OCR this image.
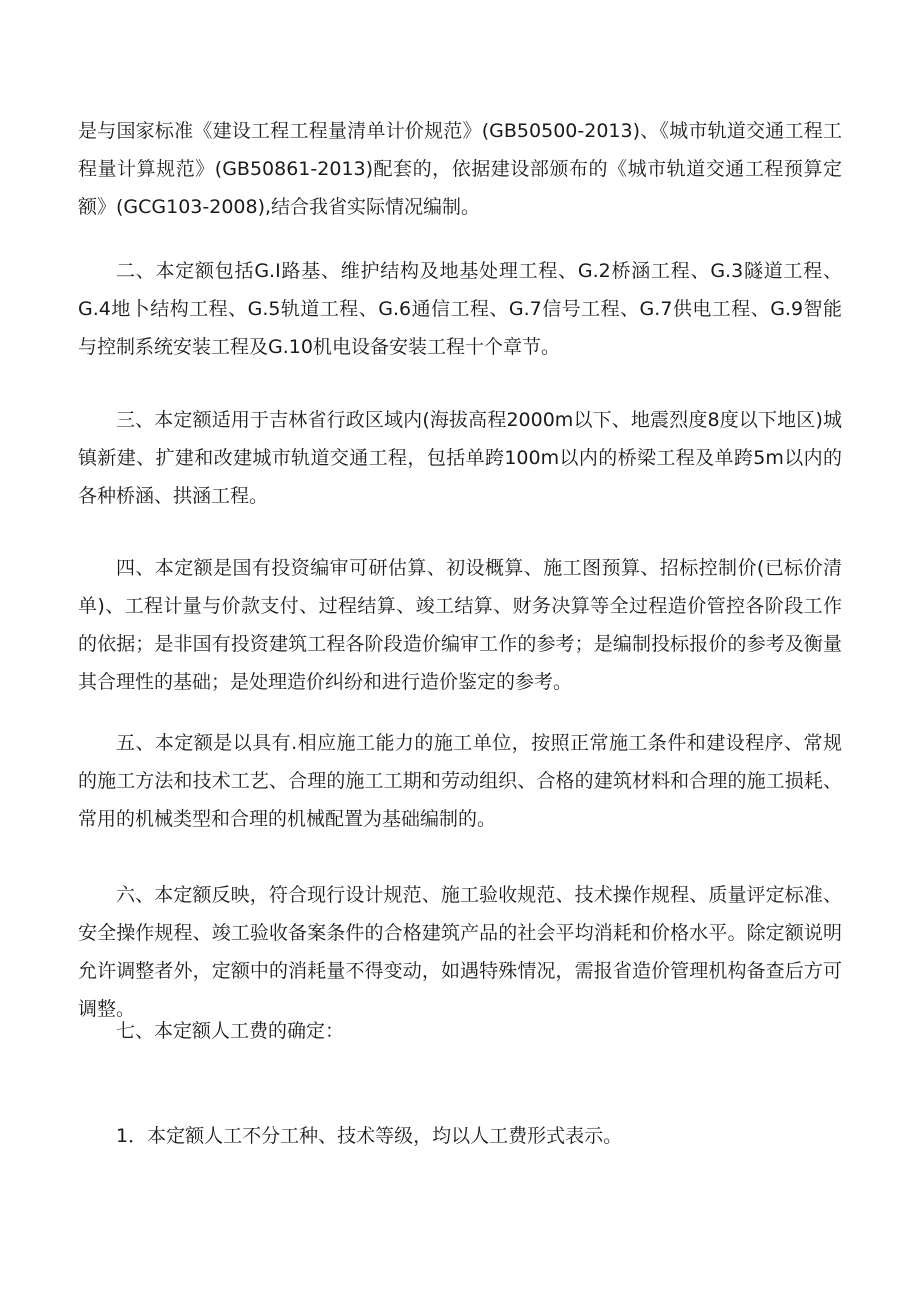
是与国家标准《建设工程工程量清单计价规范》(GB50500-2013)、《城市轨道交通工程工程量计算规范》(GB50861-2013)配套的，依据建设部颁布的《城市轨道交通工程预算定额》(GCG103-2008),结合我省实际情况编制。

二、本定额包括G.I路基、维护结构及地基处理工程、G.2桥涵工程、G.3隧道工程、G.4地卜结构工程、G.5轨道工程、G.6通信工程、G.7信号工程、G.7供电工程、G.9智能与控制系统安装工程及G.10机电设备安装工程十个章节。

三、本定额适用于吉林省行政区域内(海拔高程2000m以下、地震烈度8度以下地区)城镇新建、扩建和改建城市轨道交通工程，包括单跨100m以内的桥梁工程及单跨5m以内的各种桥涵、拱涵工程。

四、本定额是国有投资编审可研估算、初设概算、施工图预算、招标控制价(已标价清单)、工程计量与价款支付、过程结算、竣工结算、财务决算等全过程造价管控各阶段工作的依据；是非国有投资建筑工程各阶段造价编审工作的参考；是编制投标报价的参考及衡量其合理性的基础；是处理造价纠纷和进行造价鉴定的参考。

五、本定额是以具有.相应施工能力的施工单位，按照正常施工条件和建设程序、常规的施工方法和技术工艺、合理的施工工期和劳动组织、合格的建筑材料和合理的施工损耗、常用的机械类型和合理的机械配置为基础编制的。

六、本定额反映，符合现行设计规范、施工验收规范、技术操作规程、质量评定标准、安全操作规程、竣工验收备案条件的合格建筑产品的社会平均消耗和价格水平。除定额说明允许调整者外，定额中的消耗量不得变动，如遇特殊情况，需报省造价管理机构备查后方可调整。

七、本定额人工费的确定：

1．本定额人工不分工种、技术等级，均以人工费形式表示。
